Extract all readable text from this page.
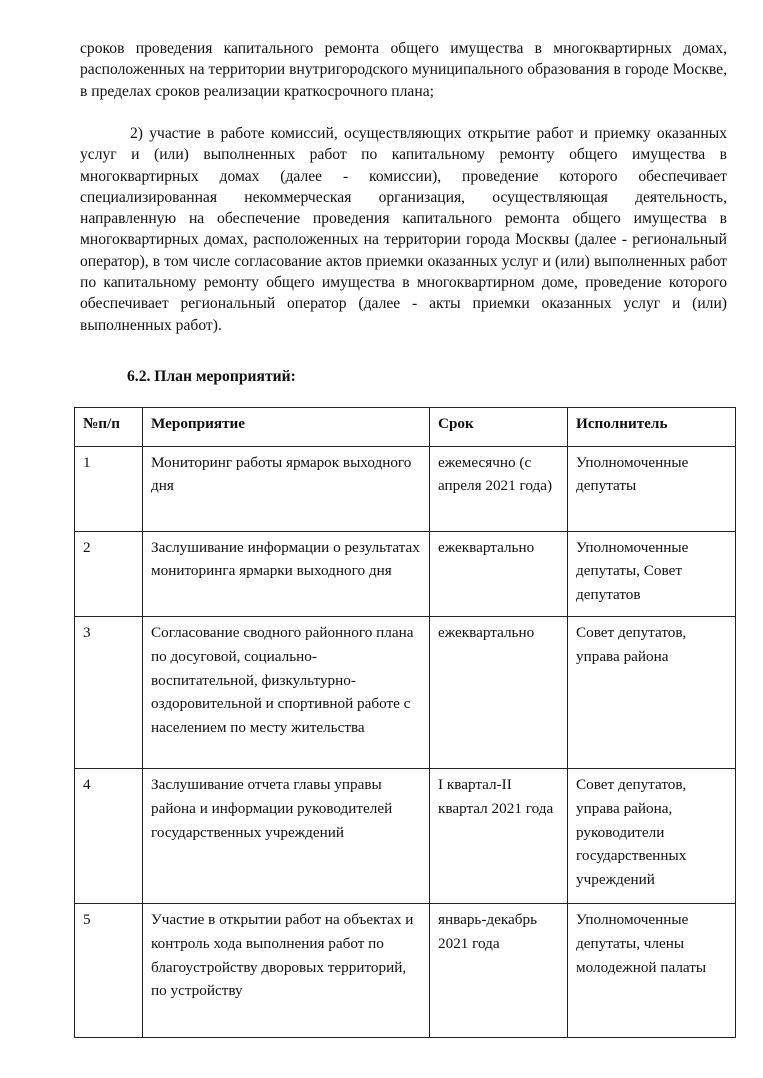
сроков проведения капитального ремонта общего имущества в многоквартирных домах, расположенных на территории внутригородского муниципального образования в городе Москве, в пределах сроков реализации краткосрочного плана;

2) участие в работе комиссий, осуществляющих открытие работ и приемку оказанных услуг и (или) выполненных работ по капитальному ремонту общего имущества в многоквартирных домах (далее - комиссии), проведение которого обеспечивает специализированная некоммерческая организация, осуществляющая деятельность, направленную на обеспечение проведения капитального ремонта общего имущества в многоквартирных домах, расположенных на территории города Москвы (далее - региональный оператор), в том числе согласование актов приемки оказанных услуг и (или) выполненных работ по капитальному ремонту общего имущества в многоквартирном доме, проведение которого обеспечивает региональный оператор (далее - акты приемки оказанных услуг и (или) выполненных работ).

6.2. План мероприятий:

№п/п	Мероприятие	Срок	Исполнитель
1	Мониторинг работы ярмарок выходного дня	ежемесячно (с апреля 2021 года)	Уполномоченные депутаты
2	Заслушивание информации о результатах мониторинга ярмарки выходного дня	ежеквартально	Уполномоченные депутаты, Совет депутатов
3	Согласование сводного районного плана по досуговой, социально-воспитательной, физкультурно-оздоровительной и спортивной работе с населением по месту жительства	ежеквартально	Совет депутатов, управа района
4	Заслушивание отчета главы управы района и информации руководителей государственных учреждений	I квартал-II квартал 2021 года	Совет депутатов, управа района, руководители государственных учреждений
5	Участие в открытии работ на объектах и контроль хода выполнения работ по благоустройству дворовых территорий, по устройству	январь-декабрь 2021 года	Уполномоченные депутаты, члены молодежной палаты
